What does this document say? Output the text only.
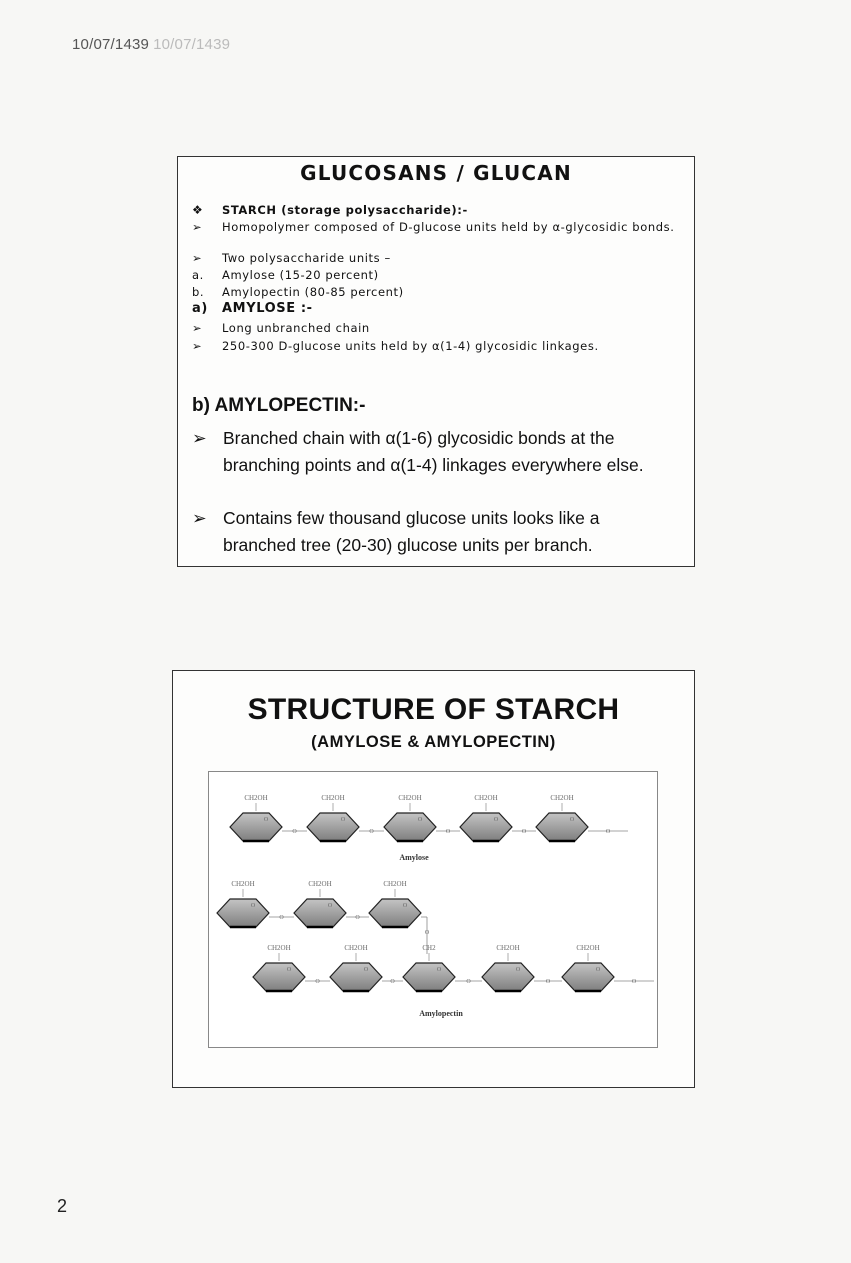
10/07/1439 10/07/1439
GLUCOSANS / GLUCAN
❖	STARCH (storage polysaccharide):-
➢	Homopolymer composed of D-glucose units held by α-glycosidic bonds.
➢	Two polysaccharide units –
a.	Amylose (15-20 percent)
b.	Amylopectin (80-85 percent)
a)	AMYLOSE :-
➢	Long unbranched chain
➢	250-300 D-glucose units held by α(1-4) glycosidic linkages.
b) AMYLOPECTIN:-
➢ Branched chain with α(1-6) glycosidic bonds at the branching points and α(1-4) linkages everywhere else.
➢ Contains few thousand glucose units looks like a branched tree (20-30) glucose units per branch.
STRUCTURE OF STARCH
(AMYLOSE & AMYLOPECTIN)
CH2OH
O
O
CH2OH
O
O
CH2OH
O
O
CH2OH
O
O
CH2OH
O
O
CH2OH
O
O
CH2OH
O
O
CH2OH
O
O
CH2OH
O
O
CH2OH
O
O
CH2
O
O
CH2OH
O
O
CH2OH
O
O
Amylose
Amylopectin
2
